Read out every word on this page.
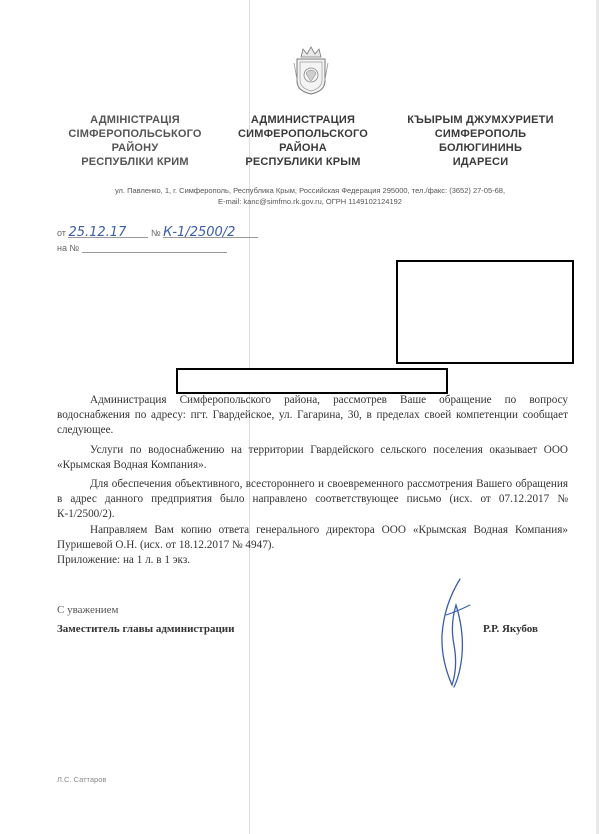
АДМІНІСТРАЦІЯ
СІМФЕРОПОЛЬСЬКОГО
РАЙОНУ
РЕСПУБЛІКИ КРИМ
АДМИНИСТРАЦИЯ
СИМФЕРОПОЛЬСКОГО
РАЙОНА
РЕСПУБЛИКИ КРЫМ
КЪЫРЫМ ДЖУМХУРИЕТИ
СИМФЕРОПОЛЬ
БОЛЮГИНИНЬ
ИДАРЕСИ
ул. Павленко, 1, г. Симферополь, Республика Крым, Российская Федерация 295000, тел./факс: (3652) 27-05-68,
E-mail: kanc@simfmo.rk.gov.ru, ОГРН 1149102124192
от 25.12.17	№ К-1/2500/2
на №

Администрация Симферопольского района, рассмотрев Ваше обращение по вопросу водоснабжения по адресу: пгт. Гвардейское, ул. Гагарина, 30, в пределах своей компетенции сообщает следующее.

Услуги по водоснабжению на территории Гвардейского сельского поселения оказывает ООО «Крымская Водная Компания».

Для обеспечения объективного, всестороннего и своевременного рассмотрения Вашего обращения в адрес данного предприятия было направлено соответствующее письмо (исх. от 07.12.2017 № К-1/2500/2).

Направляем Вам копию ответа генерального директора ООО «Крымская Водная Компания» Пуришевой О.Н. (исх. от 18.12.2017 № 4947).

Приложение: на 1 л. в 1 экз.

С уважением
Заместитель главы администрации	Р.Р. Якубов
Л.С. Саттаров
